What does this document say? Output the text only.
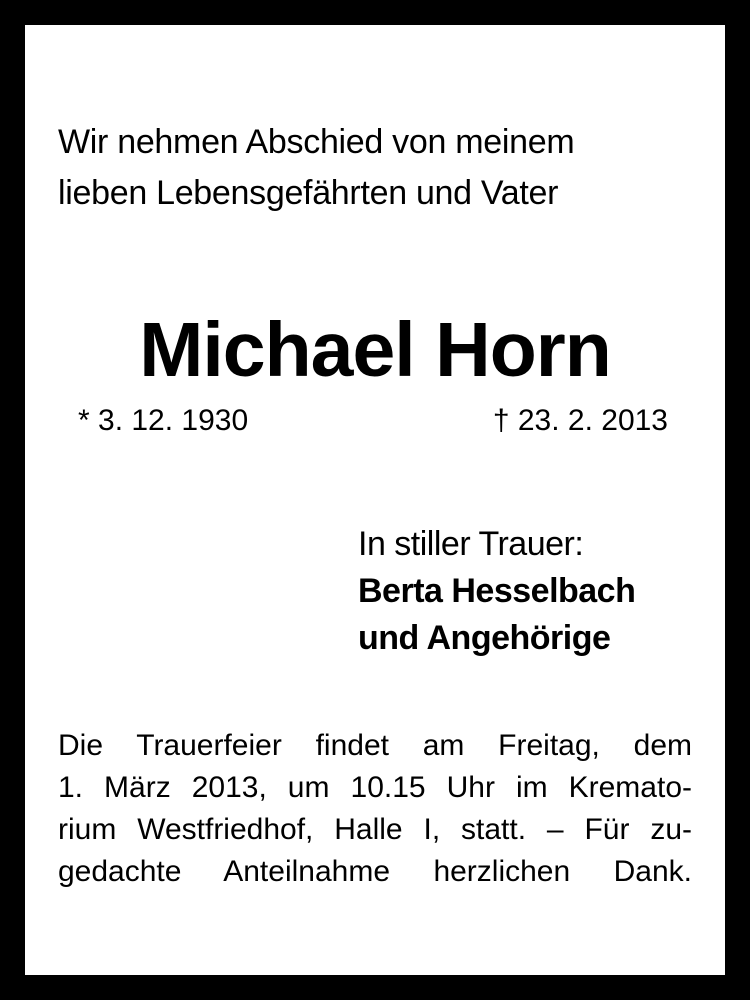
Wir nehmen Abschied von meinem
lieben Lebensgefährten und Vater
Michael Horn
* 3. 12. 1930	† 23. 2. 2013
In stiller Trauer:
Berta Hesselbach
und Angehörige
Die Trauerfeier findet am Freitag, dem
1. März 2013, um 10.15 Uhr im Kremato-
rium Westfriedhof, Halle I, statt. – Für zu-
gedachte Anteilnahme herzlichen Dank.
